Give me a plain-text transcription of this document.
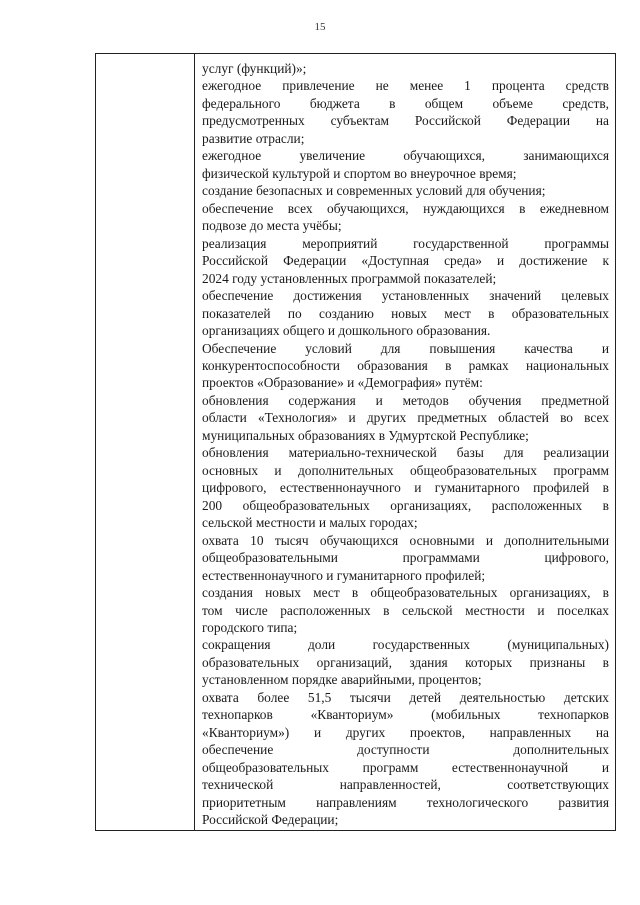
15
услуг (функций)»;
ежегодное привлечение не менее 1 процента средств
федерального бюджета в общем объеме средств,
предусмотренных субъектам Российской Федерации на
развитие отрасли;
ежегодное увеличение обучающихся, занимающихся
физической культурой и спортом во внеурочное время;
создание безопасных и современных условий для обучения;
обеспечение всех обучающихся, нуждающихся в ежедневном
подвозе до места учёбы;
реализация мероприятий государственной программы
Российской Федерации «Доступная среда» и достижение к
2024 году установленных программой показателей;
обеспечение достижения установленных значений целевых
показателей по созданию новых мест в образовательных
организациях общего и дошкольного образования.
Обеспечение условий для повышения качества и
конкурентоспособности образования в рамках национальных
проектов «Образование» и «Демография» путём:
обновления содержания и методов обучения предметной
области «Технология» и других предметных областей во всех
муниципальных образованиях в Удмуртской Республике;
обновления материально-технической базы для реализации
основных и дополнительных общеобразовательных программ
цифрового, естественнонаучного и гуманитарного профилей в
200 общеобразовательных организациях, расположенных в
сельской местности и малых городах;
охвата 10 тысяч обучающихся основными и дополнительными
общеобразовательными программами цифрового,
естественнонаучного и гуманитарного профилей;
создания новых мест в общеобразовательных организациях, в
том числе расположенных в сельской местности и поселках
городского типа;
сокращения доли государственных (муниципальных)
образовательных организаций, здания которых признаны в
установленном порядке аварийными, процентов;
охвата более 51,5 тысячи детей деятельностью детских
технопарков «Кванториум» (мобильных технопарков
«Кванториум») и других проектов, направленных на
обеспечение доступности дополнительных
общеобразовательных программ естественнонаучной и
технической направленностей, соответствующих
приоритетным направлениям технологического развития
Российской Федерации;
